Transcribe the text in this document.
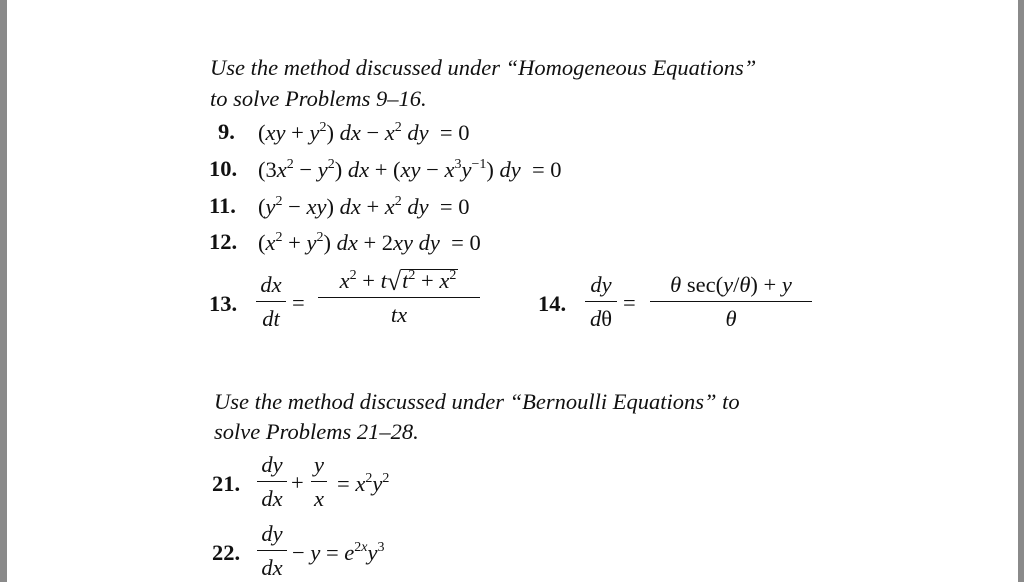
Use the method discussed under “Homogeneous Equations”
to solve Problems 9–16.
9. $(xy + y^2)$ dx − $x^2$ dy  = 0
10. $(3x^2 - y^2)$ dx + $(xy - x^3y^{-1})$ dy  = 0
11. $(y^2 - xy)$ dx + $x^2$ dy  = 0
12. $(x^2 + y^2)$ dx + 2xy dy  = 0
13.
dx
dt
=
$x^2 + t√t^2 + x^2$
tx	14.
dy
dθ
=
θ sec(y/θ) + y
θ
Use the method discussed under “Bernoulli Equations” to
solve Problems 21–28.
21.
dy
dx
+
y
x
= $x^2y^2$
22.
dy
dx
− $y = e^{2x}y^3$
